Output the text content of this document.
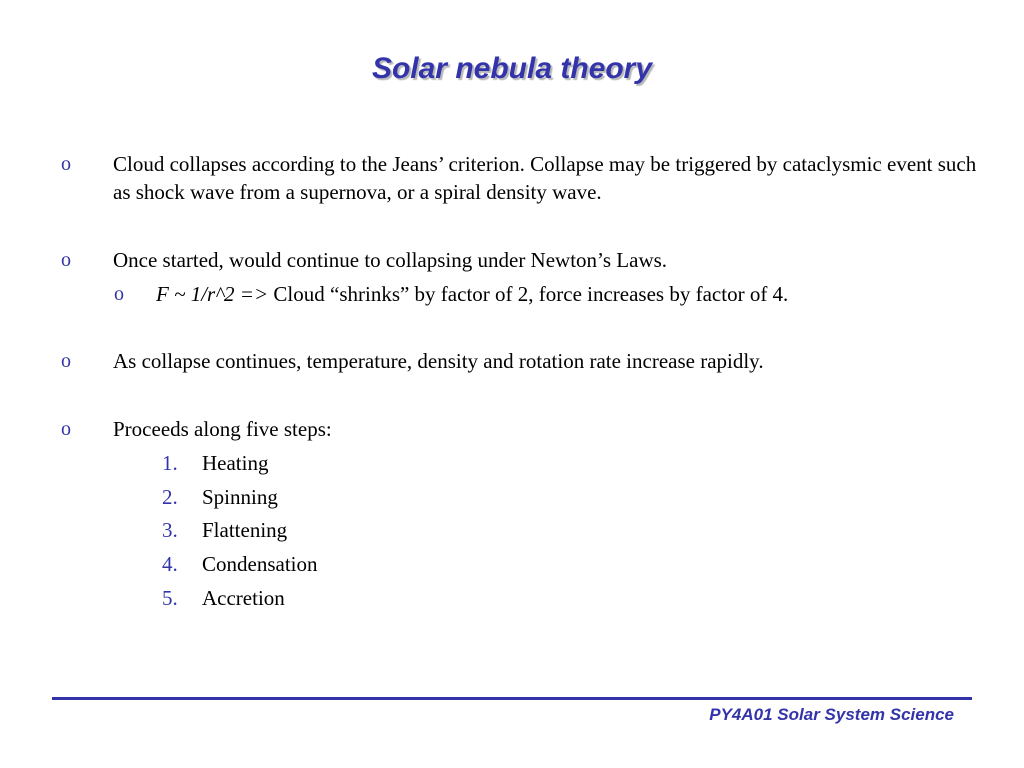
Solar nebula theory
o Cloud collapses according to the Jeans’ criterion. Collapse may be triggered by cataclysmic event such as shock wave from a supernova, or a spiral density wave.
o Once started, would continue to collapsing under Newton’s Laws.
o F ~ 1/r^2 => Cloud “shrinks” by factor of 2, force increases by factor of 4.
o As collapse continues, temperature, density and rotation rate increase rapidly.
o Proceeds along five steps:
1. Heating
2. Spinning
3. Flattening
4. Condensation
5. Accretion
PY4A01 Solar System Science
